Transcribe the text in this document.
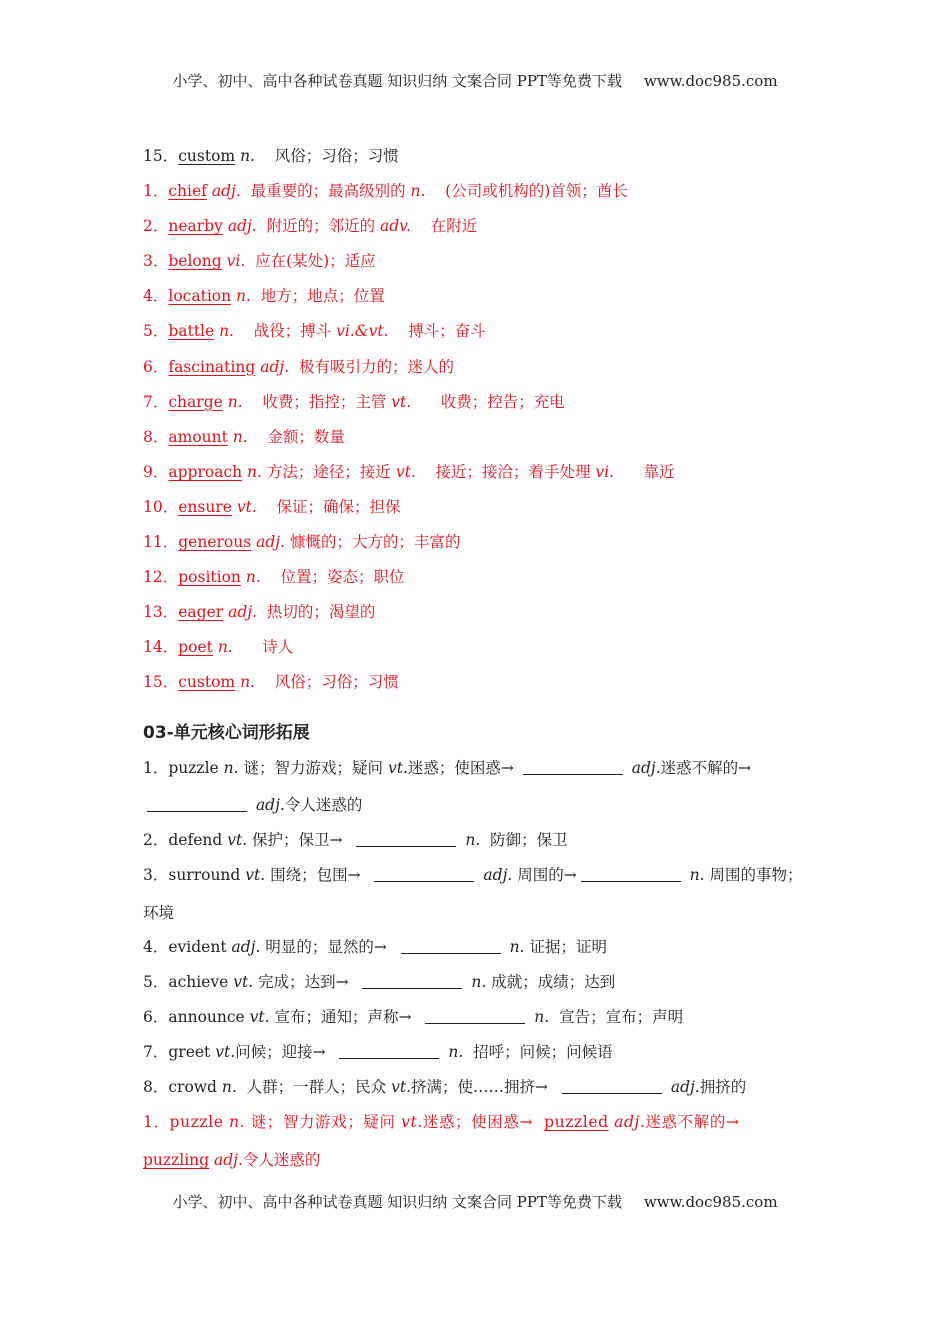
小学、初中、高中各种试卷真题 知识归纳 文案合同 PPT等免费下载 www.doc985.com
15．custom n. 风俗；习俗；习惯
1．chief adj.  最重要的；最高级别的 n.    (公司或机构的)首领；酋长
2．nearby adj.  附近的；邻近的 adv.    在附近
3．belong vi.  应在(某处)；适应
4．location n.  地方；地点；位置
5．battle n.    战役；搏斗 vi.&vt.    搏斗；奋斗
6．fascinating adj.  极有吸引力的；迷人的
7．charge n.    收费；指控；主管 vt.      收费；控告；充电
8．amount n.    金额；数量
9．approach n. 方法；途径；接近 vt.    接近；接洽；着手处理 vi.      靠近
10．ensure vt.    保证；确保；担保
11．generous adj. 慷慨的；大方的；丰富的
12．position n.    位置；姿态；职位
13．eager adj.  热切的；渴望的
14．poet n.      诗人
15．custom n.    风俗；习俗；习惯
03-单元核心词形拓展
1．puzzle n. 谜；智力游戏；疑问 vt.迷惑；使困惑→	adj.迷惑不解的→
adj.令人迷惑的
2．defend vt. 保护；保卫→	n.  防御；保卫
3．surround vt. 围绕；包围→	adj. 周围的→	n. 周围的事物；
环境
4．evident adj. 明显的；显然的→	n. 证据；证明
5．achieve vt. 完成；达到→	n. 成就；成绩；达到
6．announce vt. 宣布；通知；声称→	n.  宣告；宣布；声明
7．greet vt.问候；迎接→	n.  招呼；问候；问候语
8．crowd n.  人群；一群人；民众 vt.挤满；使……拥挤→	adj.拥挤的
1．puzzle n. 谜；智力游戏；疑问 vt.迷惑；使困惑→  puzzled adj.迷惑不解的→
puzzling adj.令人迷惑的
小学、初中、高中各种试卷真题 知识归纳 文案合同 PPT等免费下载 www.doc985.com
